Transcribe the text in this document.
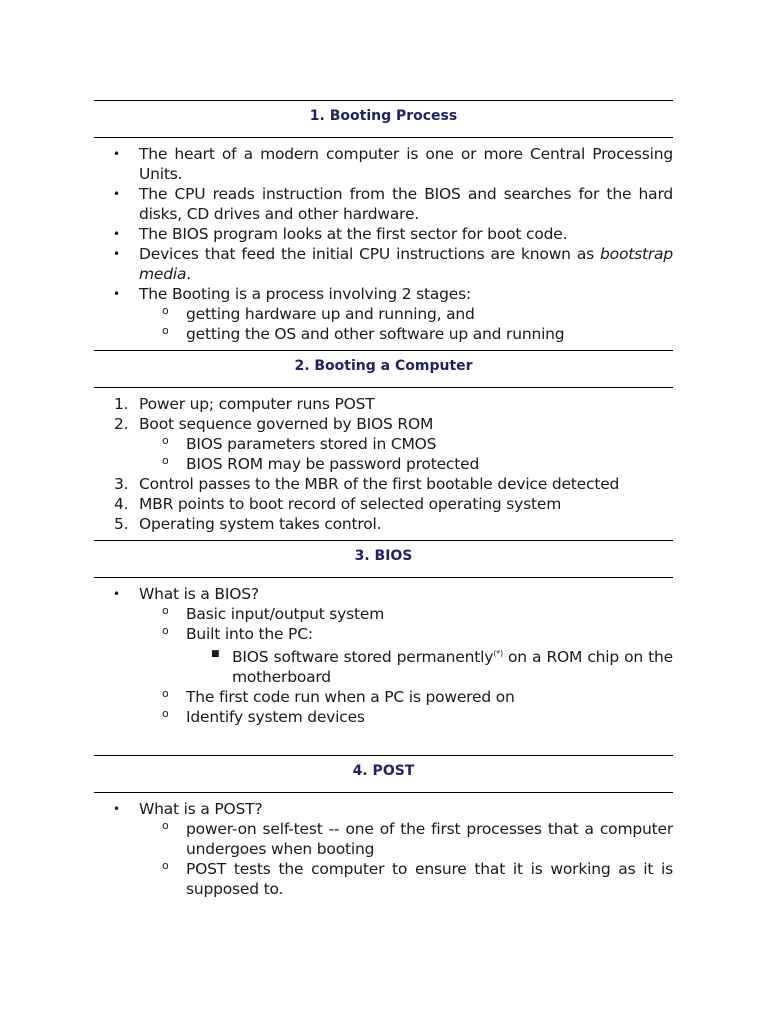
1. Booting Process
• The heart of a modern computer is one or more Central Processing Units.
• The CPU reads instruction from the BIOS and searches for the hard disks, CD drives and other hardware.
• The BIOS program looks at the first sector for boot code.
• Devices that feed the initial CPU instructions are known as bootstrap media.
• The Booting is a process involving 2 stages:
o getting hardware up and running, and
o getting the OS and other software up and running
2. Booting a Computer
1. Power up; computer runs POST
2. Boot sequence governed by BIOS ROM
o BIOS parameters stored in CMOS
o BIOS ROM may be password protected
3. Control passes to the MBR of the first bootable device detected
4. MBR points to boot record of selected operating system
5. Operating system takes control.
3. BIOS
• What is a BIOS?
o Basic input/output system
o Built into the PC:
■ BIOS software stored permanently(*) on a ROM chip on the motherboard
o The first code run when a PC is powered on
o Identify system devices
4. POST
• What is a POST?
o power-on self-test -- one of the first processes that a computer undergoes when booting
o POST tests the computer to ensure that it is working as it is supposed to.
